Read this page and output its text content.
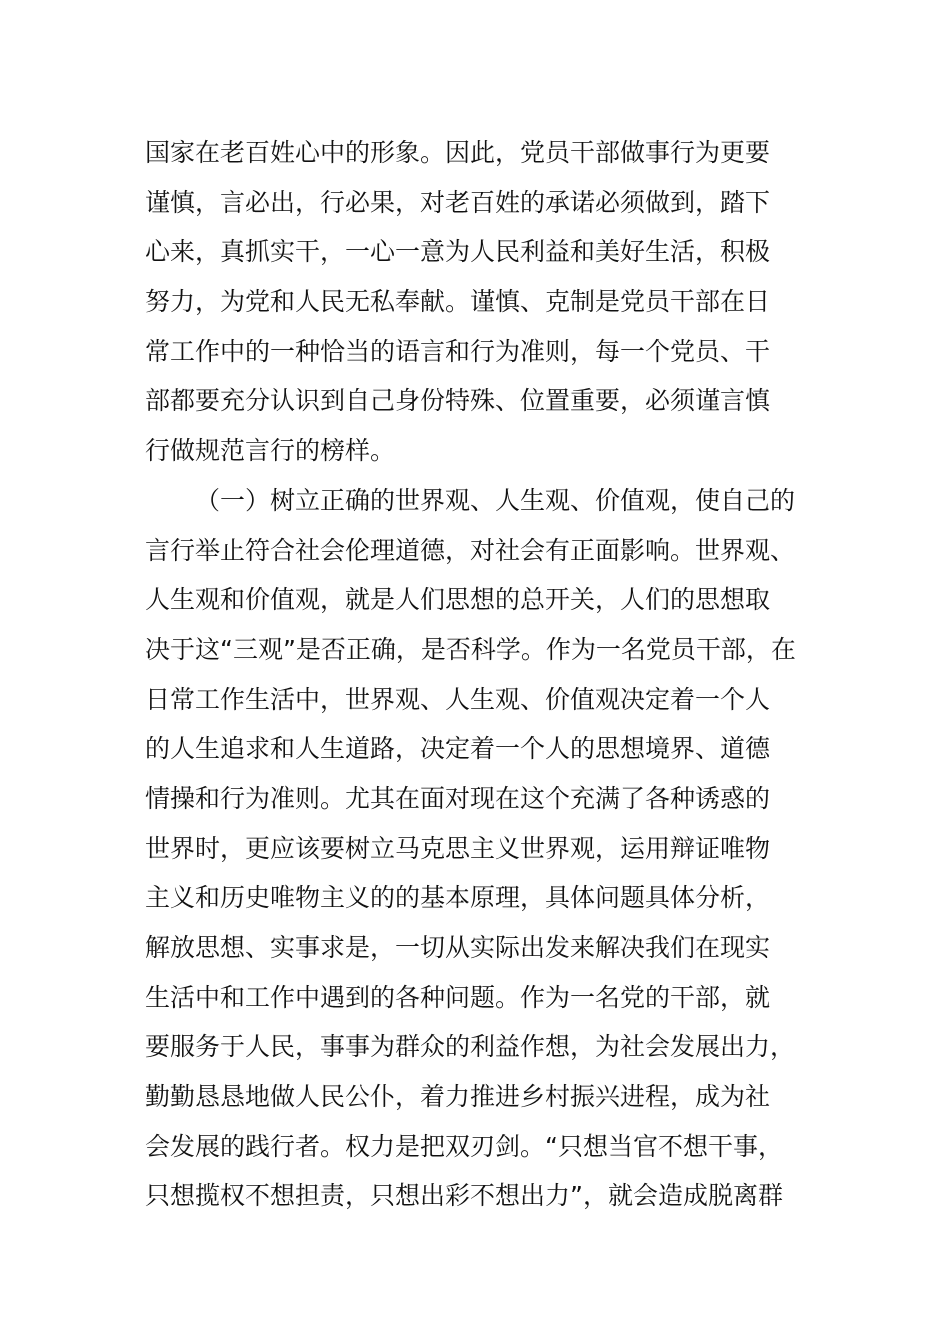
国家在老百姓心中的形象。因此，党员干部做事行为更要
谨慎，言必出，行必果，对老百姓的承诺必须做到，踏下
心来，真抓实干，一心一意为人民利益和美好生活，积极
努力，为党和人民无私奉献。谨慎、克制是党员干部在日
常工作中的一种恰当的语言和行为准则，每一个党员、干
部都要充分认识到自己身份特殊、位置重要，必须谨言慎
行做规范言行的榜样。
（一）树立正确的世界观、人生观、价值观，使自己的
言行举止符合社会伦理道德，对社会有正面影响。世界观、
人生观和价值观，就是人们思想的总开关，人们的思想取
决于这“三观”是否正确，是否科学。作为一名党员干部，在
日常工作生活中，世界观、人生观、价值观决定着一个人
的人生追求和人生道路，决定着一个人的思想境界、道德
情操和行为准则。尤其在面对现在这个充满了各种诱惑的
世界时，更应该要树立马克思主义世界观，运用辩证唯物
主义和历史唯物主义的的基本原理，具体问题具体分析，
解放思想、实事求是，一切从实际出发来解决我们在现实
生活中和工作中遇到的各种问题。作为一名党的干部，就
要服务于人民，事事为群众的利益作想，为社会发展出力，
勤勤恳恳地做人民公仆，着力推进乡村振兴进程，成为社
会发展的践行者。权力是把双刃剑。“只想当官不想干事，
只想揽权不想担责，只想出彩不想出力”，就会造成脱离群
